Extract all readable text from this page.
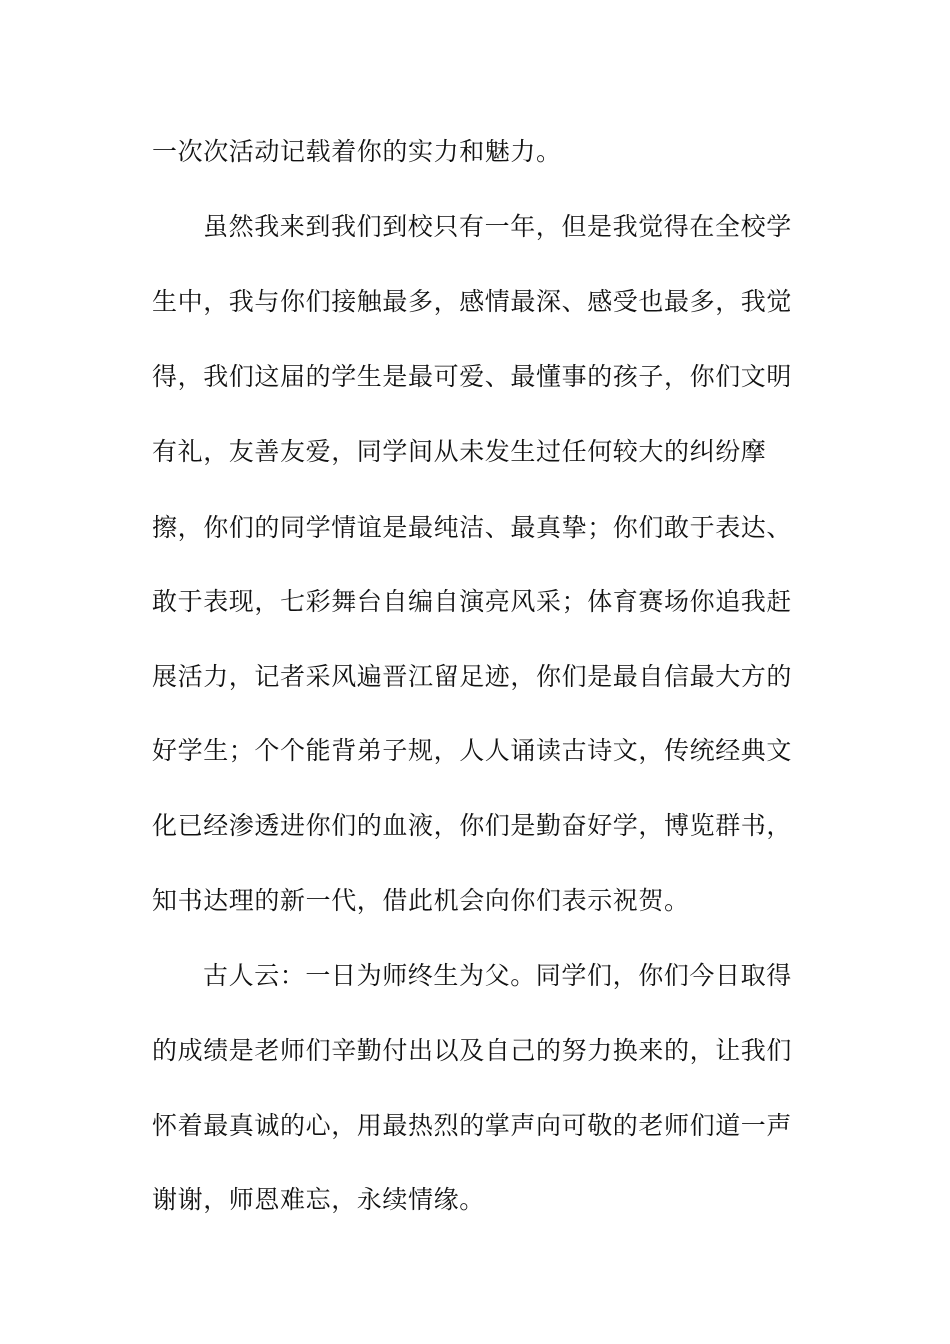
一次次活动记载着你的实力和魅力。
虽然我来到我们到校只有一年，但是我觉得在全校学
生中，我与你们接触最多，感情最深、感受也最多，我觉
得，我们这届的学生是最可爱、最懂事的孩子，你们文明
有礼，友善友爱，同学间从未发生过任何较大的纠纷摩
擦，你们的同学情谊是最纯洁、最真挚；你们敢于表达、
敢于表现，七彩舞台自编自演亮风采；体育赛场你追我赶
展活力，记者采风遍晋江留足迹，你们是最自信最大方的
好学生；个个能背弟子规，人人诵读古诗文，传统经典文
化已经渗透进你们的血液，你们是勤奋好学，博览群书，
知书达理的新一代，借此机会向你们表示祝贺。
古人云：一日为师终生为父。同学们，你们今日取得
的成绩是老师们辛勤付出以及自己的努力换来的，让我们
怀着最真诚的心，用最热烈的掌声向可敬的老师们道一声
谢谢，师恩难忘，永续情缘。
